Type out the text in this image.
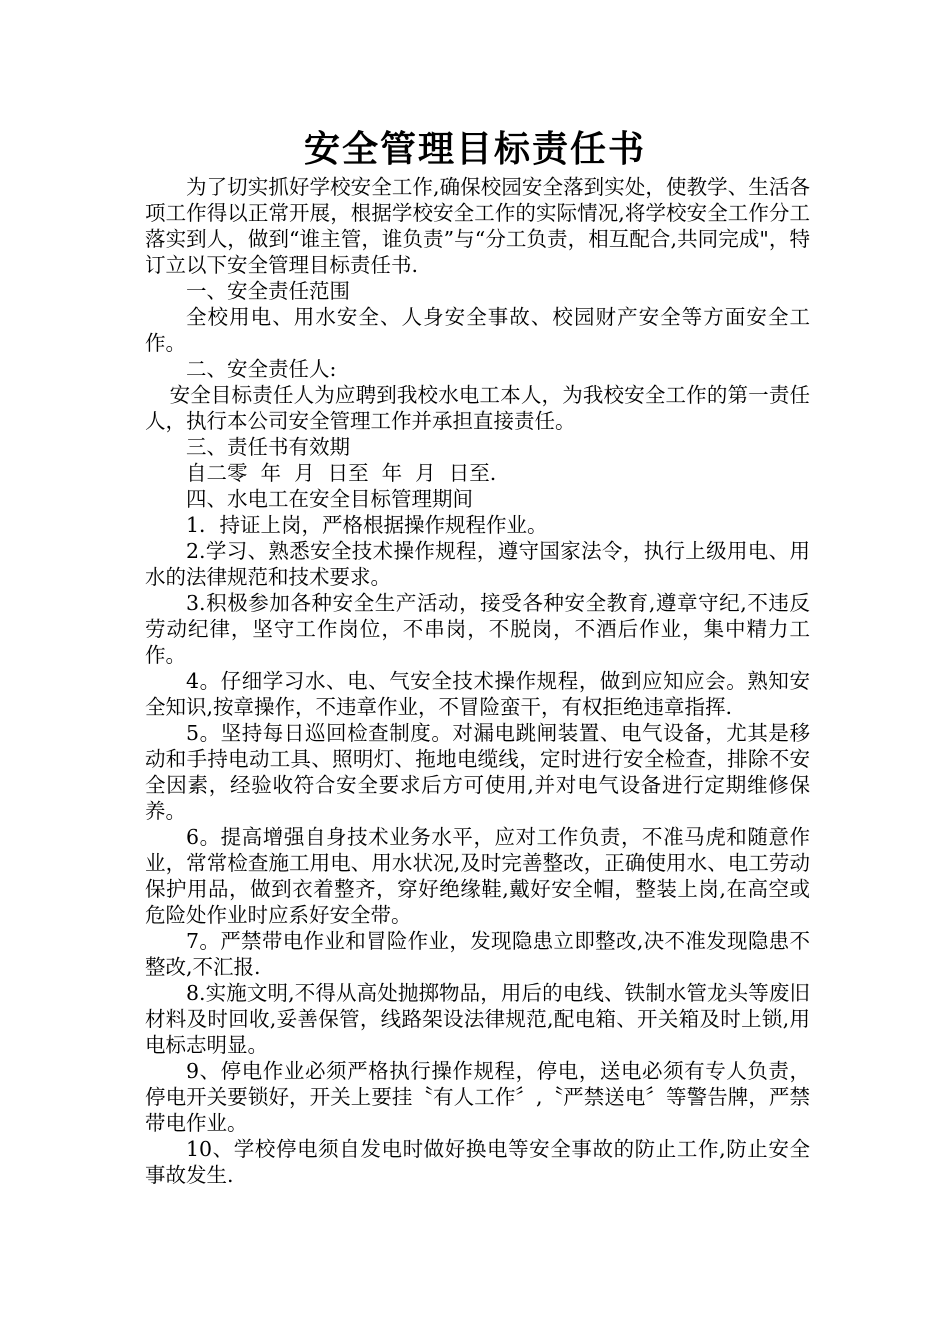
安全管理目标责任书

为了切实抓好学校安全工作,确保校园安全落到实处，使教学、生活各项工作得以正常开展，根据学校安全工作的实际情况,将学校安全工作分工落实到人，做到“谁主管，谁负责”与“分工负责，相互配合,共同完成"，特订立以下安全管理目标责任书.

一、安全责任范围

全校用电、用水安全、人身安全事故、校园财产安全等方面安全工作。

二、安全责任人:

安全目标责任人为应聘到我校水电工本人，为我校安全工作的第一责任人，执行本公司安全管理工作并承担直接责任。

三、责任书有效期

自二零  年  月  日至  年  月  日至.

四、水电工在安全目标管理期间

1．持证上岗，严格根据操作规程作业。

2.学习、熟悉安全技术操作规程，遵守国家法令，执行上级用电、用水的法律规范和技术要求。

3.积极参加各种安全生产活动，接受各种安全教育,遵章守纪,不违反劳动纪律，坚守工作岗位，不串岗，不脱岗，不酒后作业，集中精力工作。

4。仔细学习水、电、气安全技术操作规程，做到应知应会。熟知安全知识,按章操作，不违章作业，不冒险蛮干，有权拒绝违章指挥.

5。坚持每日巡回检查制度。对漏电跳闸装置、电气设备，尤其是移动和手持电动工具、照明灯、拖地电缆线，定时进行安全检查，排除不安全因素，经验收符合安全要求后方可使用,并对电气设备进行定期维修保养。

6。提高增强自身技术业务水平，应对工作负责，不准马虎和随意作业，常常检查施工用电、用水状况,及时完善整改，正确使用水、电工劳动保护用品，做到衣着整齐，穿好绝缘鞋,戴好安全帽，整装上岗,在高空或危险处作业时应系好安全带。

7。严禁带电作业和冒险作业，发现隐患立即整改,决不准发现隐患不整改,不汇报.

8.实施文明,不得从高处抛掷物品，用后的电线、铁制水管龙头等废旧材料及时回收,妥善保管，线路架设法律规范,配电箱、开关箱及时上锁,用电标志明显。

9、停电作业必须严格执行操作规程，停电，送电必须有专人负责，停电开关要锁好，开关上要挂〝有人工作〞,〝严禁送电〞等警告牌，严禁带电作业。

10、学校停电须自发电时做好换电等安全事故的防止工作,防止安全事故发生.
